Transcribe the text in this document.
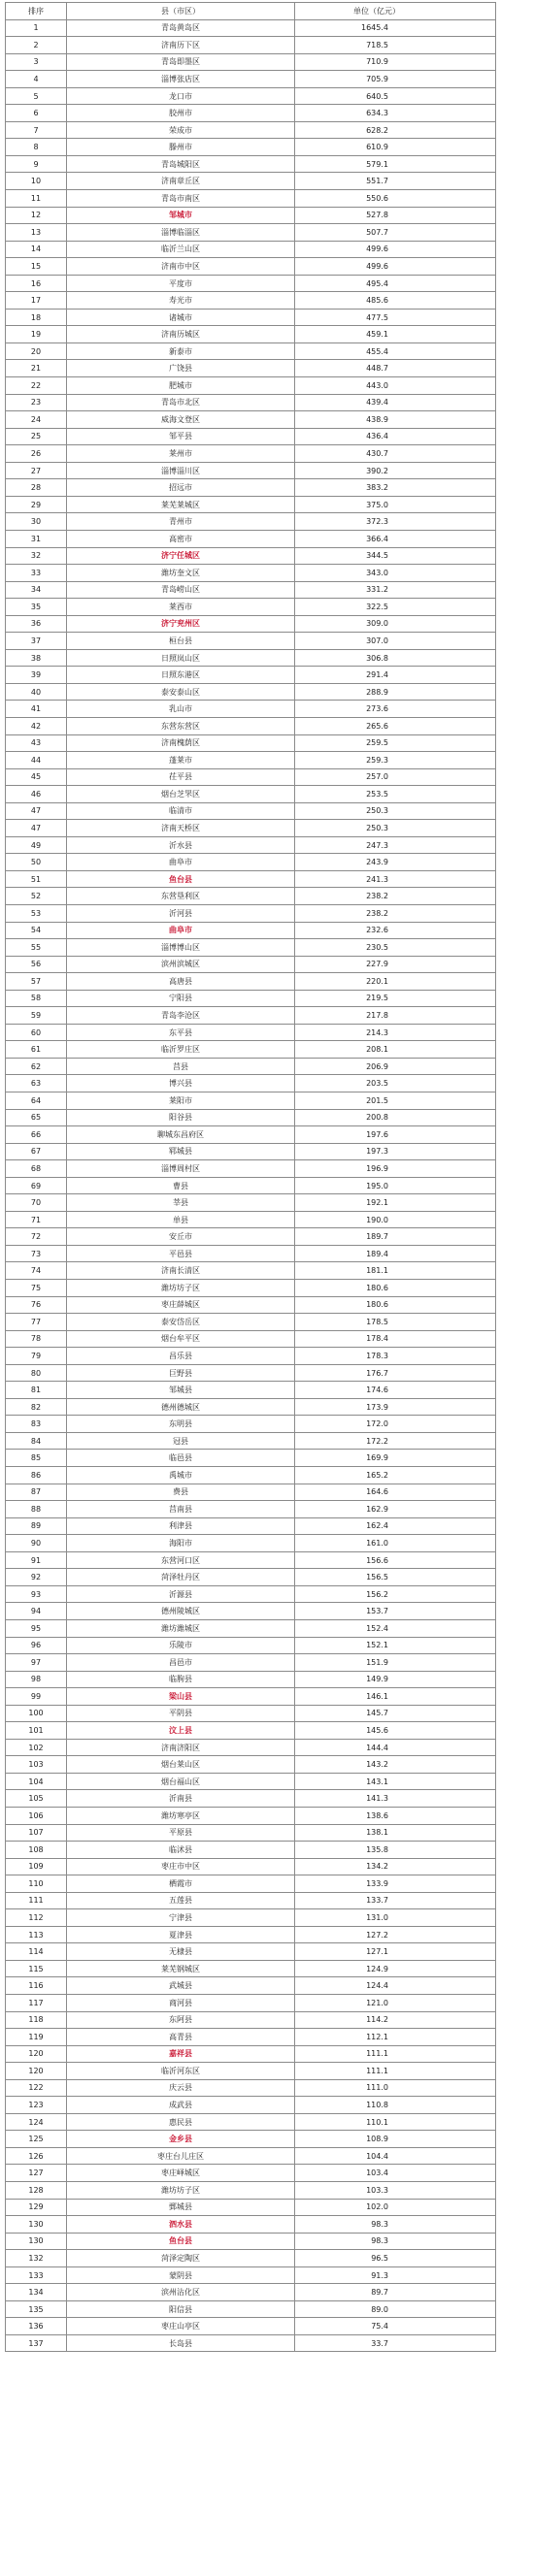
排序	县（市区）	单位（亿元）
1	青岛黄岛区	1645.4
2	济南历下区	718.5
3	青岛即墨区	710.9
4	淄博张店区	705.9
5	龙口市	640.5
6	胶州市	634.3
7	荣成市	628.2
8	滕州市	610.9
9	青岛城阳区	579.1
10	济南章丘区	551.7
11	青岛市南区	550.6
12	邹城市	527.8
13	淄博临淄区	507.7
14	临沂兰山区	499.6
15	济南市中区	499.6
16	平度市	495.4
17	寿光市	485.6
18	诸城市	477.5
19	济南历城区	459.1
20	新泰市	455.4
21	广饶县	448.7
22	肥城市	443.0
23	青岛市北区	439.4
24	威海文登区	438.9
25	邹平县	436.4
26	莱州市	430.7
27	淄博淄川区	390.2
28	招远市	383.2
29	莱芜莱城区	375.0
30	青州市	372.3
31	高密市	366.4
32	济宁任城区	344.5
33	潍坊奎文区	343.0
34	青岛崂山区	331.2
35	莱西市	322.5
36	济宁兖州区	309.0
37	桓台县	307.0
38	日照岚山区	306.8
39	日照东港区	291.4
40	泰安泰山区	288.9
41	乳山市	273.6
42	东营东营区	265.6
43	济南槐荫区	259.5
44	蓬莱市	259.3
45	茌平县	257.0
46	烟台芝罘区	253.5
47	临清市	250.3
47	济南天桥区	250.3
49	沂水县	247.3
50	曲阜市	243.9
51	鱼台县	241.3
52	东营垦利区	238.2
53	沂河县	238.2
54	曲阜市	232.6
55	淄博博山区	230.5
56	滨州滨城区	227.9
57	高唐县	220.1
58	宁阳县	219.5
59	青岛李沧区	217.8
60	东平县	214.3
61	临沂罗庄区	208.1
62	莒县	206.9
63	博兴县	203.5
64	莱阳市	201.5
65	阳谷县	200.8
66	聊城东昌府区	197.6
67	郓城县	197.3
68	淄博周村区	196.9
69	曹县	195.0
70	莘县	192.1
71	单县	190.0
72	安丘市	189.7
73	平邑县	189.4
74	济南长清区	181.1
75	潍坊坊子区	180.6
76	枣庄薛城区	180.6
77	泰安岱岳区	178.5
78	烟台牟平区	178.4
79	昌乐县	178.3
80	巨野县	176.7
81	邹城县	174.6
82	德州德城区	173.9
83	东明县	172.0
84	冠县	172.2
85	临邑县	169.9
86	禹城市	165.2
87	费县	164.6
88	莒南县	162.9
89	利津县	162.4
90	海阳市	161.0
91	东营河口区	156.6
92	菏泽牡丹区	156.5
93	沂源县	156.2
94	德州陵城区	153.7
95	潍坊潍城区	152.4
96	乐陵市	152.1
97	昌邑市	151.9
98	临朐县	149.9
99	梁山县	146.1
100	平阴县	145.7
101	汶上县	145.6
102	济南济阳区	144.4
103	烟台莱山区	143.2
104	烟台福山区	143.1
105	沂南县	141.3
106	潍坊寒亭区	138.6
107	平原县	138.1
108	临沭县	135.8
109	枣庄市中区	134.2
110	栖霞市	133.9
111	五莲县	133.7
112	宁津县	131.0
113	夏津县	127.2
114	无棣县	127.1
115	莱芜钢城区	124.9
116	武城县	124.4
117	商河县	121.0
118	东阿县	114.2
119	高青县	112.1
120	嘉祥县	111.1
120	临沂河东区	111.1
122	庆云县	111.0
123	成武县	110.8
124	惠民县	110.1
125	金乡县	108.9
126	枣庄台儿庄区	104.4
127	枣庄峄城区	103.4
128	潍坊坊子区	103.3
129	鄄城县	102.0
130	泗水县	98.3
130	鱼台县	98.3
132	菏泽定陶区	96.5
133	蒙阴县	91.3
134	滨州沾化区	89.7
135	阳信县	89.0
136	枣庄山亭区	75.4
137	长岛县	33.7
